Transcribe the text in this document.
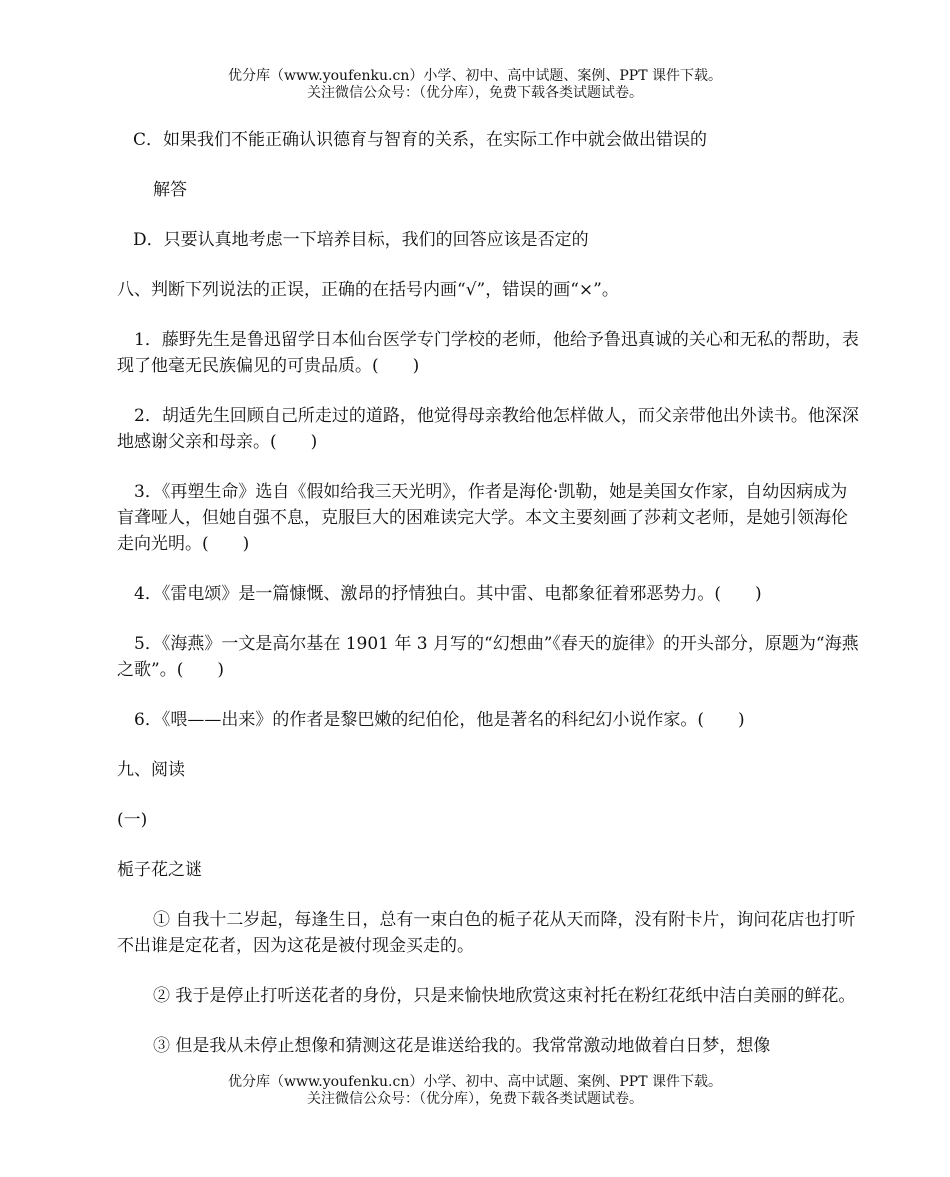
优分库（www.youfenku.cn）小学、初中、高中试题、案例、PPT 课件下载。
关注微信公众号：（优分库），免费下载各类试题试卷。

C．如果我们不能正确认识德育与智育的关系，在实际工作中就会做出错误的

解答

D．只要认真地考虑一下培养目标，我们的回答应该是否定的

八、判断下列说法的正误，正确的在括号内画“√”，错误的画“×”。

1．藤野先生是鲁迅留学日本仙台医学专门学校的老师，他给予鲁迅真诚的关心和无私的帮助，表现了他毫无民族偏见的可贵品质。(　　)

2．胡适先生回顾自己所走过的道路，他觉得母亲教给他怎样做人，而父亲带他出外读书。他深深地感谢父亲和母亲。(　　)

3．《再塑生命》选自《假如给我三天光明》，作者是海伦·凯勒，她是美国女作家，自幼因病成为盲聋哑人，但她自强不息，克服巨大的困难读完大学。本文主要刻画了莎莉文老师，是她引领海伦走向光明。(　　)

4．《雷电颂》是一篇慷慨、激昂的抒情独白。其中雷、电都象征着邪恶势力。(　　)

5．《海燕》一文是高尔基在 1901 年 3 月写的“幻想曲”《春天的旋律》的开头部分，原题为“海燕之歌”。(　　)

6．《喂——出来》的作者是黎巴嫩的纪伯伦，他是著名的科纪幻小说作家。(　　)

九、阅读

(一)

栀子花之谜

① 自我十二岁起，每逢生日，总有一束白色的栀子花从天而降，没有附卡片，询问花店也打听不出谁是定花者，因为这花是被付现金买走的。

② 我于是停止打听送花者的身份，只是来愉快地欣赏这束衬托在粉红花纸中洁白美丽的鲜花。

③ 但是我从未停止想像和猜测这花是谁送给我的。我常常激动地做着白日梦，想像

优分库（www.youfenku.cn）小学、初中、高中试题、案例、PPT 课件下载。
关注微信公众号：（优分库），免费下载各类试题试卷。
